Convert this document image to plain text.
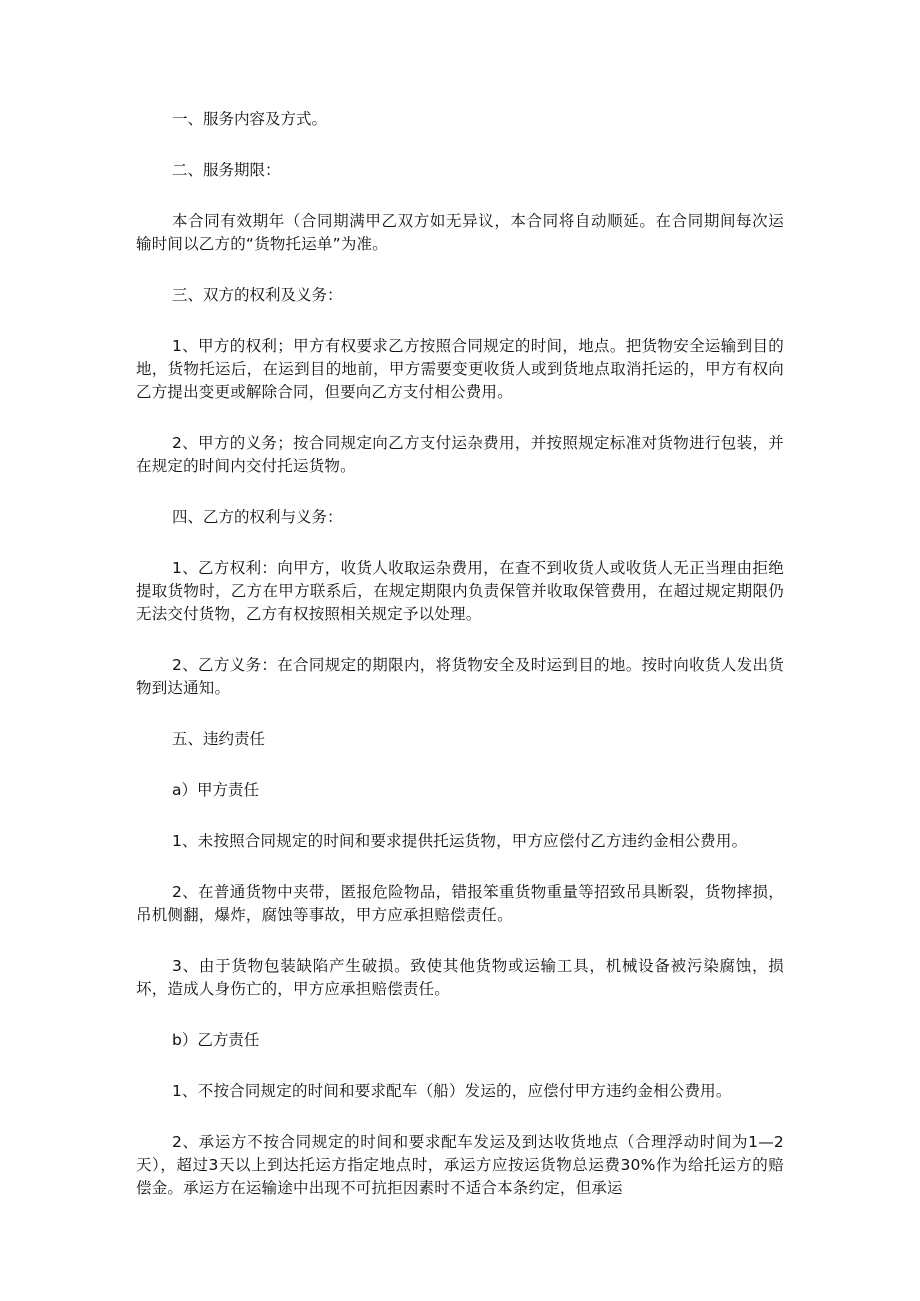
一、服务内容及方式。

二、服务期限：

本合同有效期年（合同期满甲乙双方如无异议，本合同将自动顺延。在合同期间每次运输时间以乙方的“货物托运单”为准。

三、双方的权利及义务：

1、甲方的权利；甲方有权要求乙方按照合同规定的时间，地点。把货物安全运输到目的地，货物托运后，在运到目的地前，甲方需要变更收货人或到货地点取消托运的，甲方有权向乙方提出变更或解除合同，但要向乙方支付相公费用。

2、甲方的义务；按合同规定向乙方支付运杂费用，并按照规定标准对货物进行包装，并在规定的时间内交付托运货物。

四、乙方的权利与义务：

1、乙方权利：向甲方，收货人收取运杂费用，在查不到收货人或收货人无正当理由拒绝提取货物时，乙方在甲方联系后，在规定期限内负责保管并收取保管费用，在超过规定期限仍无法交付货物，乙方有权按照相关规定予以处理。

2、乙方义务：在合同规定的期限内，将货物安全及时运到目的地。按时向收货人发出货物到达通知。

五、违约责任

a）甲方责任

1、未按照合同规定的时间和要求提供托运货物，甲方应偿付乙方违约金相公费用。

2、在普通货物中夹带，匿报危险物品，错报笨重货物重量等招致吊具断裂，货物摔损，吊机侧翻，爆炸，腐蚀等事故，甲方应承担赔偿责任。

3、由于货物包装缺陷产生破损。致使其他货物或运输工具，机械设备被污染腐蚀，损坏，造成人身伤亡的，甲方应承担赔偿责任。

b）乙方责任

1、不按合同规定的时间和要求配车（船）发运的，应偿付甲方违约金相公费用。

2、承运方不按合同规定的时间和要求配车发运及到达收货地点（合理浮动时间为1—2天），超过3天以上到达托运方指定地点时，承运方应按运货物总运费30%作为给托运方的赔偿金。承运方在运输途中出现不可抗拒因素时不适合本条约定，但承运
